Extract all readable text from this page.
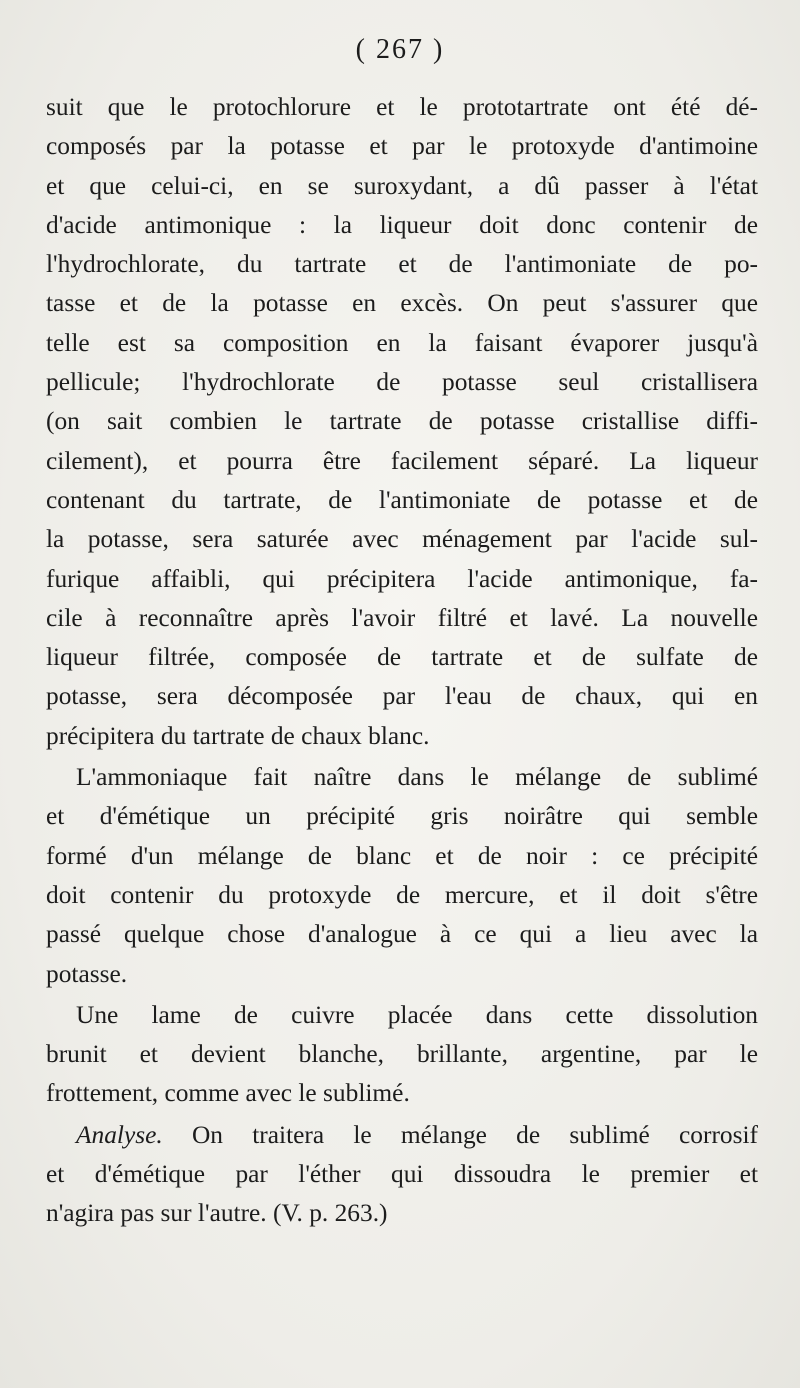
( 267 )

suit que le protochlorure et le prototartrate ont été dé-
composés par la potasse et par le protoxyde d'antimoine
et que celui-ci, en se suroxydant, a dû passer à l'état
d'acide antimonique : la liqueur doit donc contenir de
l'hydrochlorate, du tartrate et de l'antimoniate de po-
tasse et de la potasse en excès. On peut s'assurer que
telle est sa composition en la faisant évaporer jusqu'à
pellicule; l'hydrochlorate de potasse seul cristallisera
(on sait combien le tartrate de potasse cristallise diffi-
cilement), et pourra être facilement séparé. La liqueur
contenant du tartrate, de l'antimoniate de potasse et de
la potasse, sera saturée avec ménagement par l'acide sul-
furique affaibli, qui précipitera l'acide antimonique, fa-
cile à reconnaître après l'avoir filtré et lavé. La nouvelle
liqueur filtrée, composée de tartrate et de sulfate de
potasse, sera décomposée par l'eau de chaux, qui en
précipitera du tartrate de chaux blanc.

L'ammoniaque fait naître dans le mélange de sublimé
et d'émétique un précipité gris noirâtre qui semble
formé d'un mélange de blanc et de noir : ce précipité
doit contenir du protoxyde de mercure, et il doit s'être
passé quelque chose d'analogue à ce qui a lieu avec la
potasse.

Une lame de cuivre placée dans cette dissolution
brunit et devient blanche, brillante, argentine, par le
frottement, comme avec le sublimé.

Analyse. On traitera le mélange de sublimé corrosif
et d'émétique par l'éther qui dissoudra le premier et
n'agira pas sur l'autre. (V. p. 263.)
